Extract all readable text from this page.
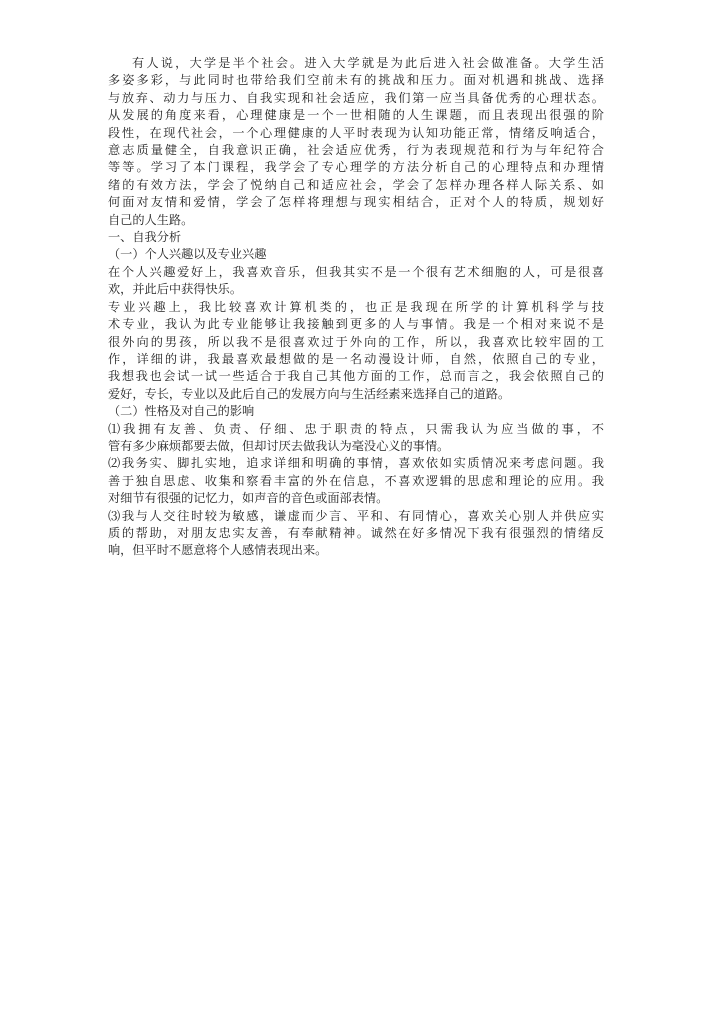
有人说，大学是半个社会。进入大学就是为此后进入社会做准备。大学生活
多姿多彩，与此同时也带给我们空前未有的挑战和压力。面对机遇和挑战、选择
与放弃、动力与压力、自我实现和社会适应，我们第一应当具备优秀的心理状态。
从发展的角度来看，心理健康是一个一世相随的人生课题，而且表现出很强的阶
段性，在现代社会，一个心理健康的人平时表现为认知功能正常，情绪反响适合，
意志质量健全，自我意识正确，社会适应优秀，行为表现规范和行为与年纪符合
等等。学习了本门课程，我学会了专心理学的方法分析自己的心理特点和办理情
绪的有效方法，学会了悦纳自己和适应社会，学会了怎样办理各样人际关系、如
何面对友情和爱情，学会了怎样将理想与现实相结合，正对个人的特质，规划好
自己的人生路。
一、自我分析
（一）个人兴趣以及专业兴趣
在个人兴趣爱好上，我喜欢音乐，但我其实不是一个很有艺术细胞的人，可是很喜
欢，并此后中获得快乐。
专业兴趣上，我比较喜欢计算机类的，也正是我现在所学的计算机科学与技
术专业，我认为此专业能够让我接触到更多的人与事情。我是一个相对来说不是
很外向的男孩，所以我不是很喜欢过于外向的工作，所以，我喜欢比较牢固的工
作，详细的讲，我最喜欢最想做的是一名动漫设计师，自然，依照自己的专业，
我想我也会试一试一些适合于我自己其他方面的工作，总而言之，我会依照自己的
爱好，专长，专业以及此后自己的发展方向与生活经素来选择自己的道路。
（二）性格及对自己的影响
⑴我拥有友善、负责、仔细、忠于职责的特点，只需我认为应当做的事，不
管有多少麻烦都要去做，但却讨厌去做我认为毫没心义的事情。
⑵我务实、脚扎实地，追求详细和明确的事情，喜欢依如实质情况来考虑问题。我
善于独自思虑、收集和察看丰富的外在信息，不喜欢逻辑的思虑和理论的应用。我
对细节有很强的记忆力，如声音的音色或面部表情。
⑶我与人交往时较为敏感，谦虚而少言、平和、有同情心，喜欢关心别人并供应实
质的帮助，对朋友忠实友善，有奉献精神。诚然在好多情况下我有很强烈的情绪反
响，但平时不愿意将个人感情表现出来。
